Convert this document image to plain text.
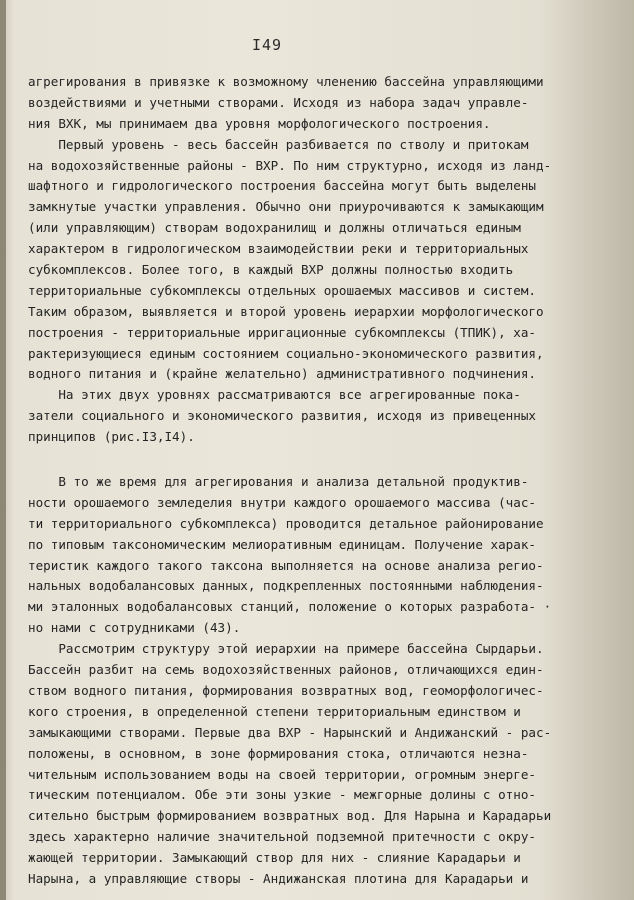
I49
агрегирования в привязке к возможному членению бассейна управляющими
воздействиями и учетными створами. Исходя из набора задач управле-
ния ВХК, мы принимаем два уровня морфологического построения.
Первый уровень - весь бассейн разбивается по стволу и притокам
на водохозяйственные районы - ВХР. По ним структурно, исходя из ланд-
шафтного и гидрологического построения бассейна могут быть выделены
замкнутые участки управления. Обычно они приурочиваются к замыкающим
(или управляющим) створам водохранилищ и должны отличаться единым
характером в гидрологическом взаимодействии реки и территориальных
субкомплексов. Более того, в каждый ВХР должны полностью входить
территориальные субкомплексы отдельных орошаемых массивов и систем.
Таким образом, выявляется и второй уровень иерархии морфологического
построения - территориальные ирригационные субкомплексы (ТПИК), ха-
рактеризующиеся единым состоянием социально-экономического развития,
водного питания и (крайне желательно) административного подчинения.
На этих двух уровнях рассматриваются все агрегированные пока-
затели социального и экономического развития, исходя из привеценных
принципов (рис.I3,I4).
В то же время для агрегирования и анализа детальной продуктив-
ности орошаемого земледелия внутри каждого орошаемого массива (час-
ти территориального субкомплекса) проводится детальное районирование
по типовым таксономическим мелиоративным единицам. Получение харак-
теристик каждого такого таксона выполняется на основе анализа регио-
нальных водобалансовых данных, подкрепленных постоянными наблюдения-
ми эталонных водобалансовых станций, положение о которых разработа- ·
но нами с сотрудниками (43).
Рассмотрим структуру этой иерархии на примере бассейна Сырдарьи.
Бассейн разбит на семь водохозяйственных районов, отличающихся един-
ством водного питания, формирования возвратных вод, геоморфологичес-
кого строения, в определенной степени территориальным единством и
замыкающими створами. Первые два ВХР - Нарынский и Андижанский - рас-
положены, в основном, в зоне формирования стока, отличаются незна-
чительным использованием воды на своей территории, огромным энерге-
тическим потенциалом. Обе эти зоны узкие - межгорные долины с отно-
сительно быстрым формированием возвратных вод. Для Нарына и Карадарьи
здесь характерно наличие значительной подземной притечности с окру-
жающей территории. Замыкающий створ для них - слияние Карадарьи и
Нарына, а управляющие створы - Андижанская плотина для Карадарьи и
